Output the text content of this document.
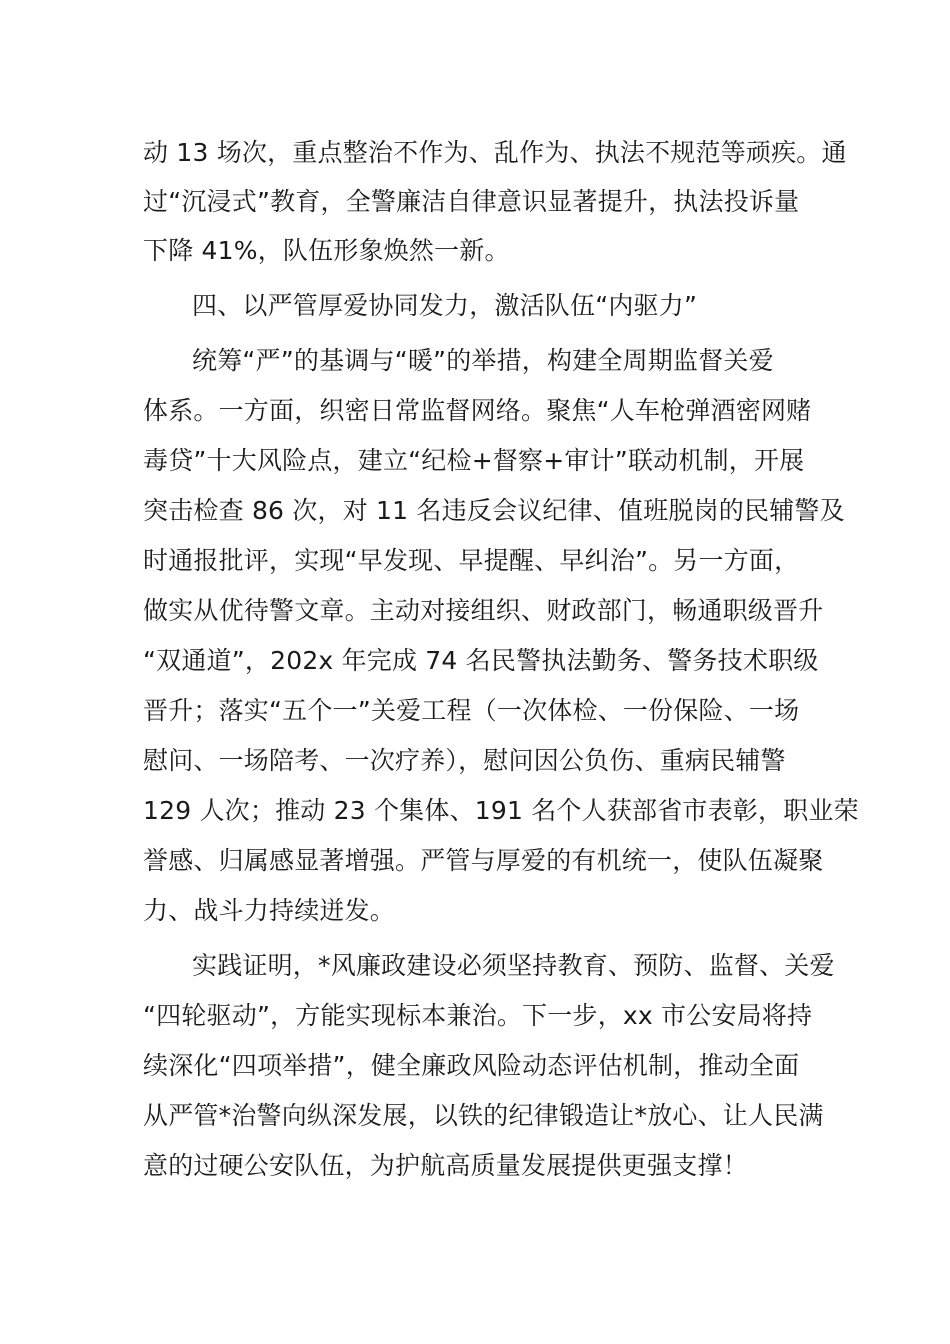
动 13 场次，重点整治不作为、乱作为、执法不规范等顽疾。通
过“沉浸式”教育，全警廉洁自律意识显著提升，执法投诉量
下降 41%，队伍形象焕然一新。
四、以严管厚爱协同发力，激活队伍“内驱力”
统筹“严”的基调与“暖”的举措，构建全周期监督关爱
体系。一方面，织密日常监督网络。聚焦“人车枪弹酒密网赌
毒贷”十大风险点，建立“纪检+督察+审计”联动机制，开展
突击检查 86 次，对 11 名违反会议纪律、值班脱岗的民辅警及
时通报批评，实现“早发现、早提醒、早纠治”。另一方面，
做实从优待警文章。主动对接组织、财政部门，畅通职级晋升
“双通道”，202x 年完成 74 名民警执法勤务、警务技术职级
晋升；落实“五个一”关爱工程（一次体检、一份保险、一场
慰问、一场陪考、一次疗养），慰问因公负伤、重病民辅警
129 人次；推动 23 个集体、191 名个人获部省市表彰，职业荣
誉感、归属感显著增强。严管与厚爱的有机统一，使队伍凝聚
力、战斗力持续迸发。
实践证明，*风廉政建设必须坚持教育、预防、监督、关爱
“四轮驱动”，方能实现标本兼治。下一步，xx 市公安局将持
续深化“四项举措”，健全廉政风险动态评估机制，推动全面
从严管*治警向纵深发展，以铁的纪律锻造让*放心、让人民满
意的过硬公安队伍，为护航高质量发展提供更强支撑！
